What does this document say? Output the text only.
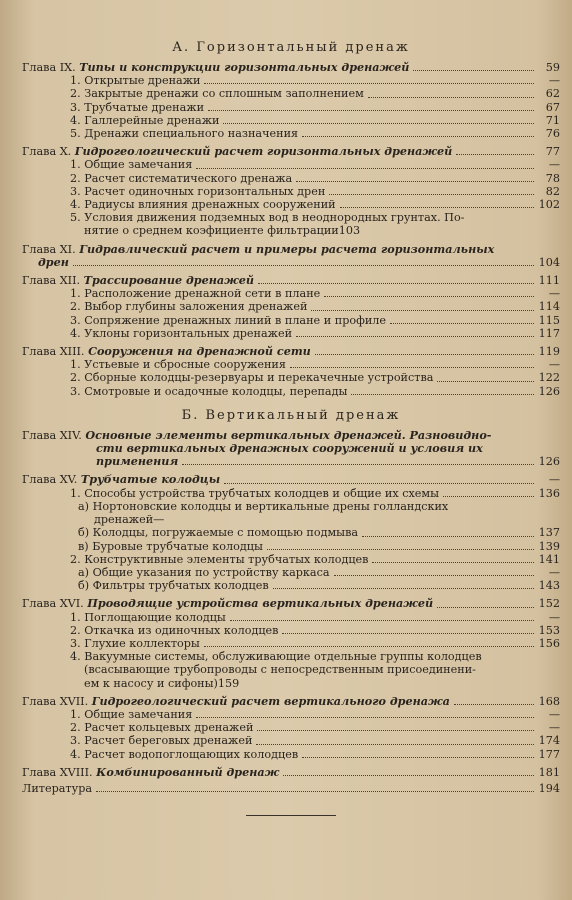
А. Горизонтальный дренаж
Глава IX. Типы и конструкции горизонтальных дренажей	59
1. Открытые дренажи	—
2. Закрытые дренажи со сплошным заполнением	62
3. Трубчатые дренажи	67
4. Галлерейные дренажи	71
5. Дренажи специального назначения	76
Глава X. Гидрогеологический расчет горизонтальных дренажей	77
1. Общие замечания	—
2. Расчет систематического дренажа	78
3. Расчет одиночных горизонтальных дрен	82
4. Радиусы влияния дренажных сооружений	102
5. Условия движения подземных вод в неоднородных грунтах. По-
нятие о среднем коэфициенте фильтрации 103
Глава XI. Гидравлический расчет и примеры расчета горизонтальных
дрен	104
Глава XII. Трассирование дренажей	111
1. Расположение дренажной сети в плане	—
2. Выбор глубины заложения дренажей	114
3. Сопряжение дренажных линий в плане и профиле	115
4. Уклоны горизонтальных дренажей	117
Глава XIII. Сооружения на дренажной сети	119
1. Устьевые и сбросные сооружения	—
2. Сборные колодцы-резервуары и перекачечные устройства	122
3. Смотровые и осадочные колодцы, перепады	126
Б. Вертикальный дренаж
Глава XIV. Основные элементы вертикальных дренажей. Разновидно-
сти вертикальных дренажных сооружений и условия их
применения	126
Глава XV. Трубчатые колодцы	—
1. Способы устройства трубчатых колодцев и общие их схемы	136
а) Нортоновские колодцы и вертикальные дрены голландских
дренажей —
б) Колодцы, погружаемые с помощью подмыва	137
в) Буровые трубчатые колодцы	139
2. Конструктивные элементы трубчатых колодцев	141
а) Общие указания по устройству каркаса	—
б) Фильтры трубчатых колодцев	143
Глава XVI. Проводящие устройства вертикальных дренажей	152
1. Поглощающие колодцы	—
2. Откачка из одиночных колодцев	153
3. Глухие коллекторы	156
4. Вакуумные системы, обслуживающие отдельные группы колодцев
(всасывающие трубопроводы с непосредственным присоединени-
ем к насосу и сифоны) 159
Глава XVII. Гидрогеологический расчет вертикального дренажа	168
1. Общие замечания	—
2. Расчет кольцевых дренажей	—
3. Расчет береговых дренажей	174
4. Расчет водопоглощающих колодцев	177
Глава XVIII. Комбинированный дренаж	181
Литература	194
